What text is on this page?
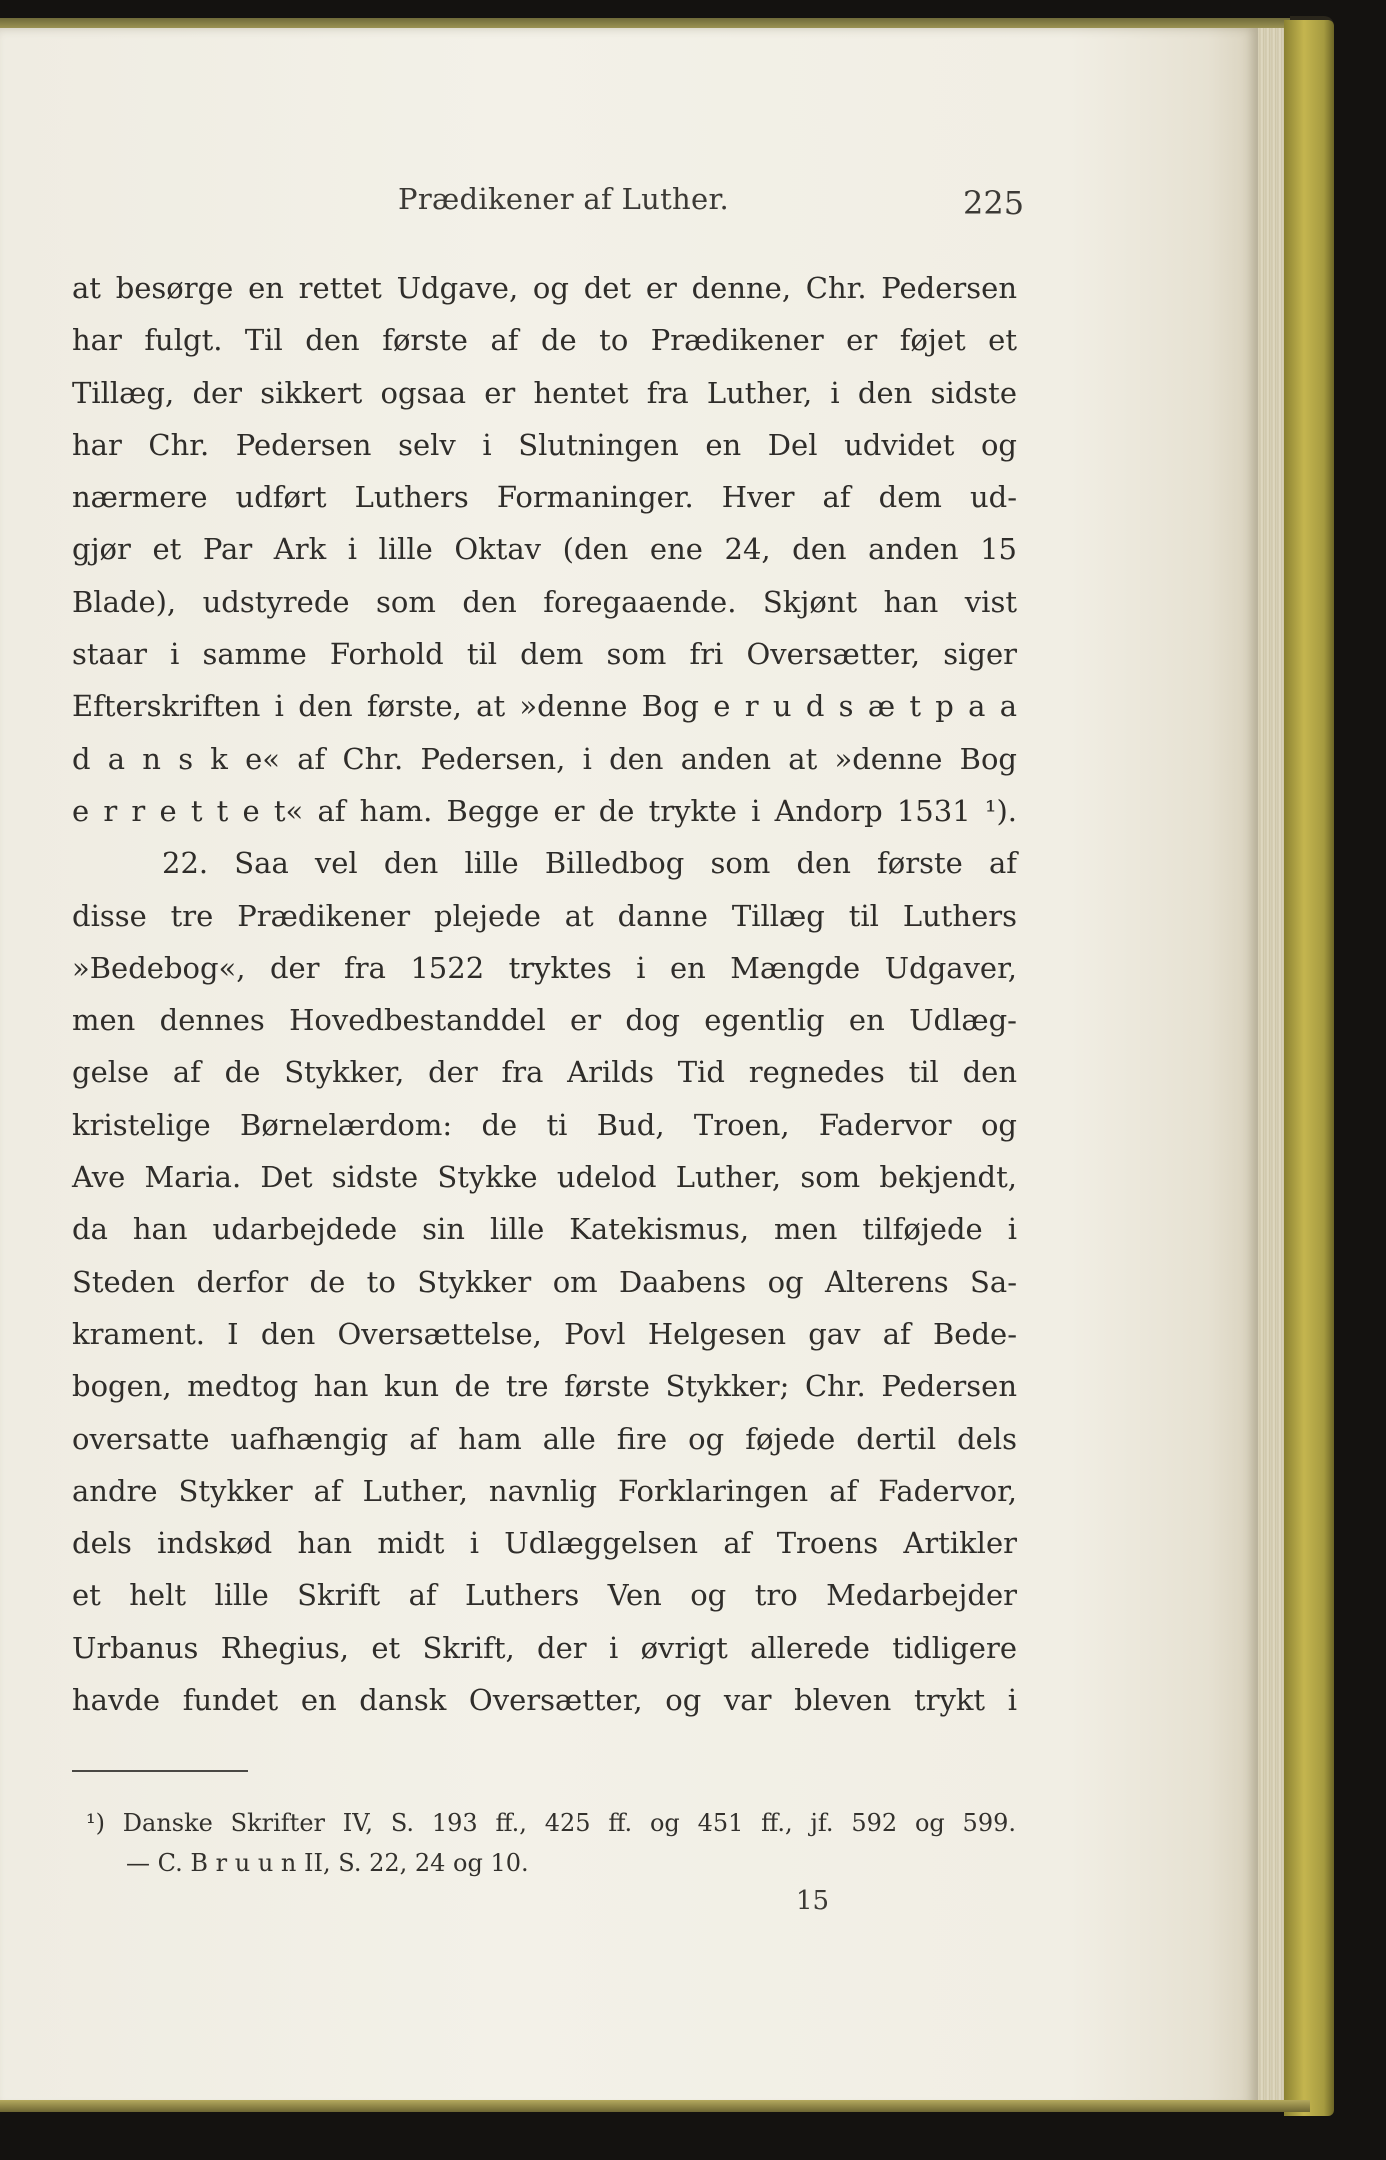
Prædikener af Luther.	225
at besørge en rettet Udgave, og det er denne, Chr. Pedersen
har fulgt. Til den første af de to Prædikener er føjet et
Tillæg, der sikkert ogsaa er hentet fra Luther, i den sidste
har Chr. Pedersen selv i Slutningen en Del udvidet og
nærmere udført Luthers Formaninger. Hver af dem ud-
gjør et Par Ark i lille Oktav (den ene 24, den anden 15
Blade), udstyrede som den foregaaende. Skjønt han vist
staar i samme Forhold til dem som fri Oversætter, siger
Efterskriften i den første, at »denne Bog e r u d s æ t p a a
d a n s k e« af Chr. Pedersen, i den anden at »denne Bog
e r r e t t e t« af ham. Begge er de trykte i Andorp 1531 ¹).
22. Saa vel den lille Billedbog som den første af
disse tre Prædikener plejede at danne Tillæg til Luthers
»Bedebog«, der fra 1522 tryktes i en Mængde Udgaver,
men dennes Hovedbestanddel er dog egentlig en Udlæg-
gelse af de Stykker, der fra Arilds Tid regnedes til den
kristelige Børnelærdom: de ti Bud, Troen, Fadervor og
Ave Maria. Det sidste Stykke udelod Luther, som bekjendt,
da han udarbejdede sin lille Katekismus, men tilføjede i
Steden derfor de to Stykker om Daabens og Alterens Sa-
krament. I den Oversættelse, Povl Helgesen gav af Bede-
bogen, medtog han kun de tre første Stykker; Chr. Pedersen
oversatte uafhængig af ham alle fire og føjede dertil dels
andre Stykker af Luther, navnlig Forklaringen af Fadervor,
dels indskød han midt i Udlæggelsen af Troens Artikler
et helt lille Skrift af Luthers Ven og tro Medarbejder
Urbanus Rhegius, et Skrift, der i øvrigt allerede tidligere
havde fundet en dansk Oversætter, og var bleven trykt i
¹) Danske Skrifter IV, S. 193 ff., 425 ff. og 451 ff., jf. 592 og 599.
— C. B r u u n II, S. 22, 24 og 10.
15
